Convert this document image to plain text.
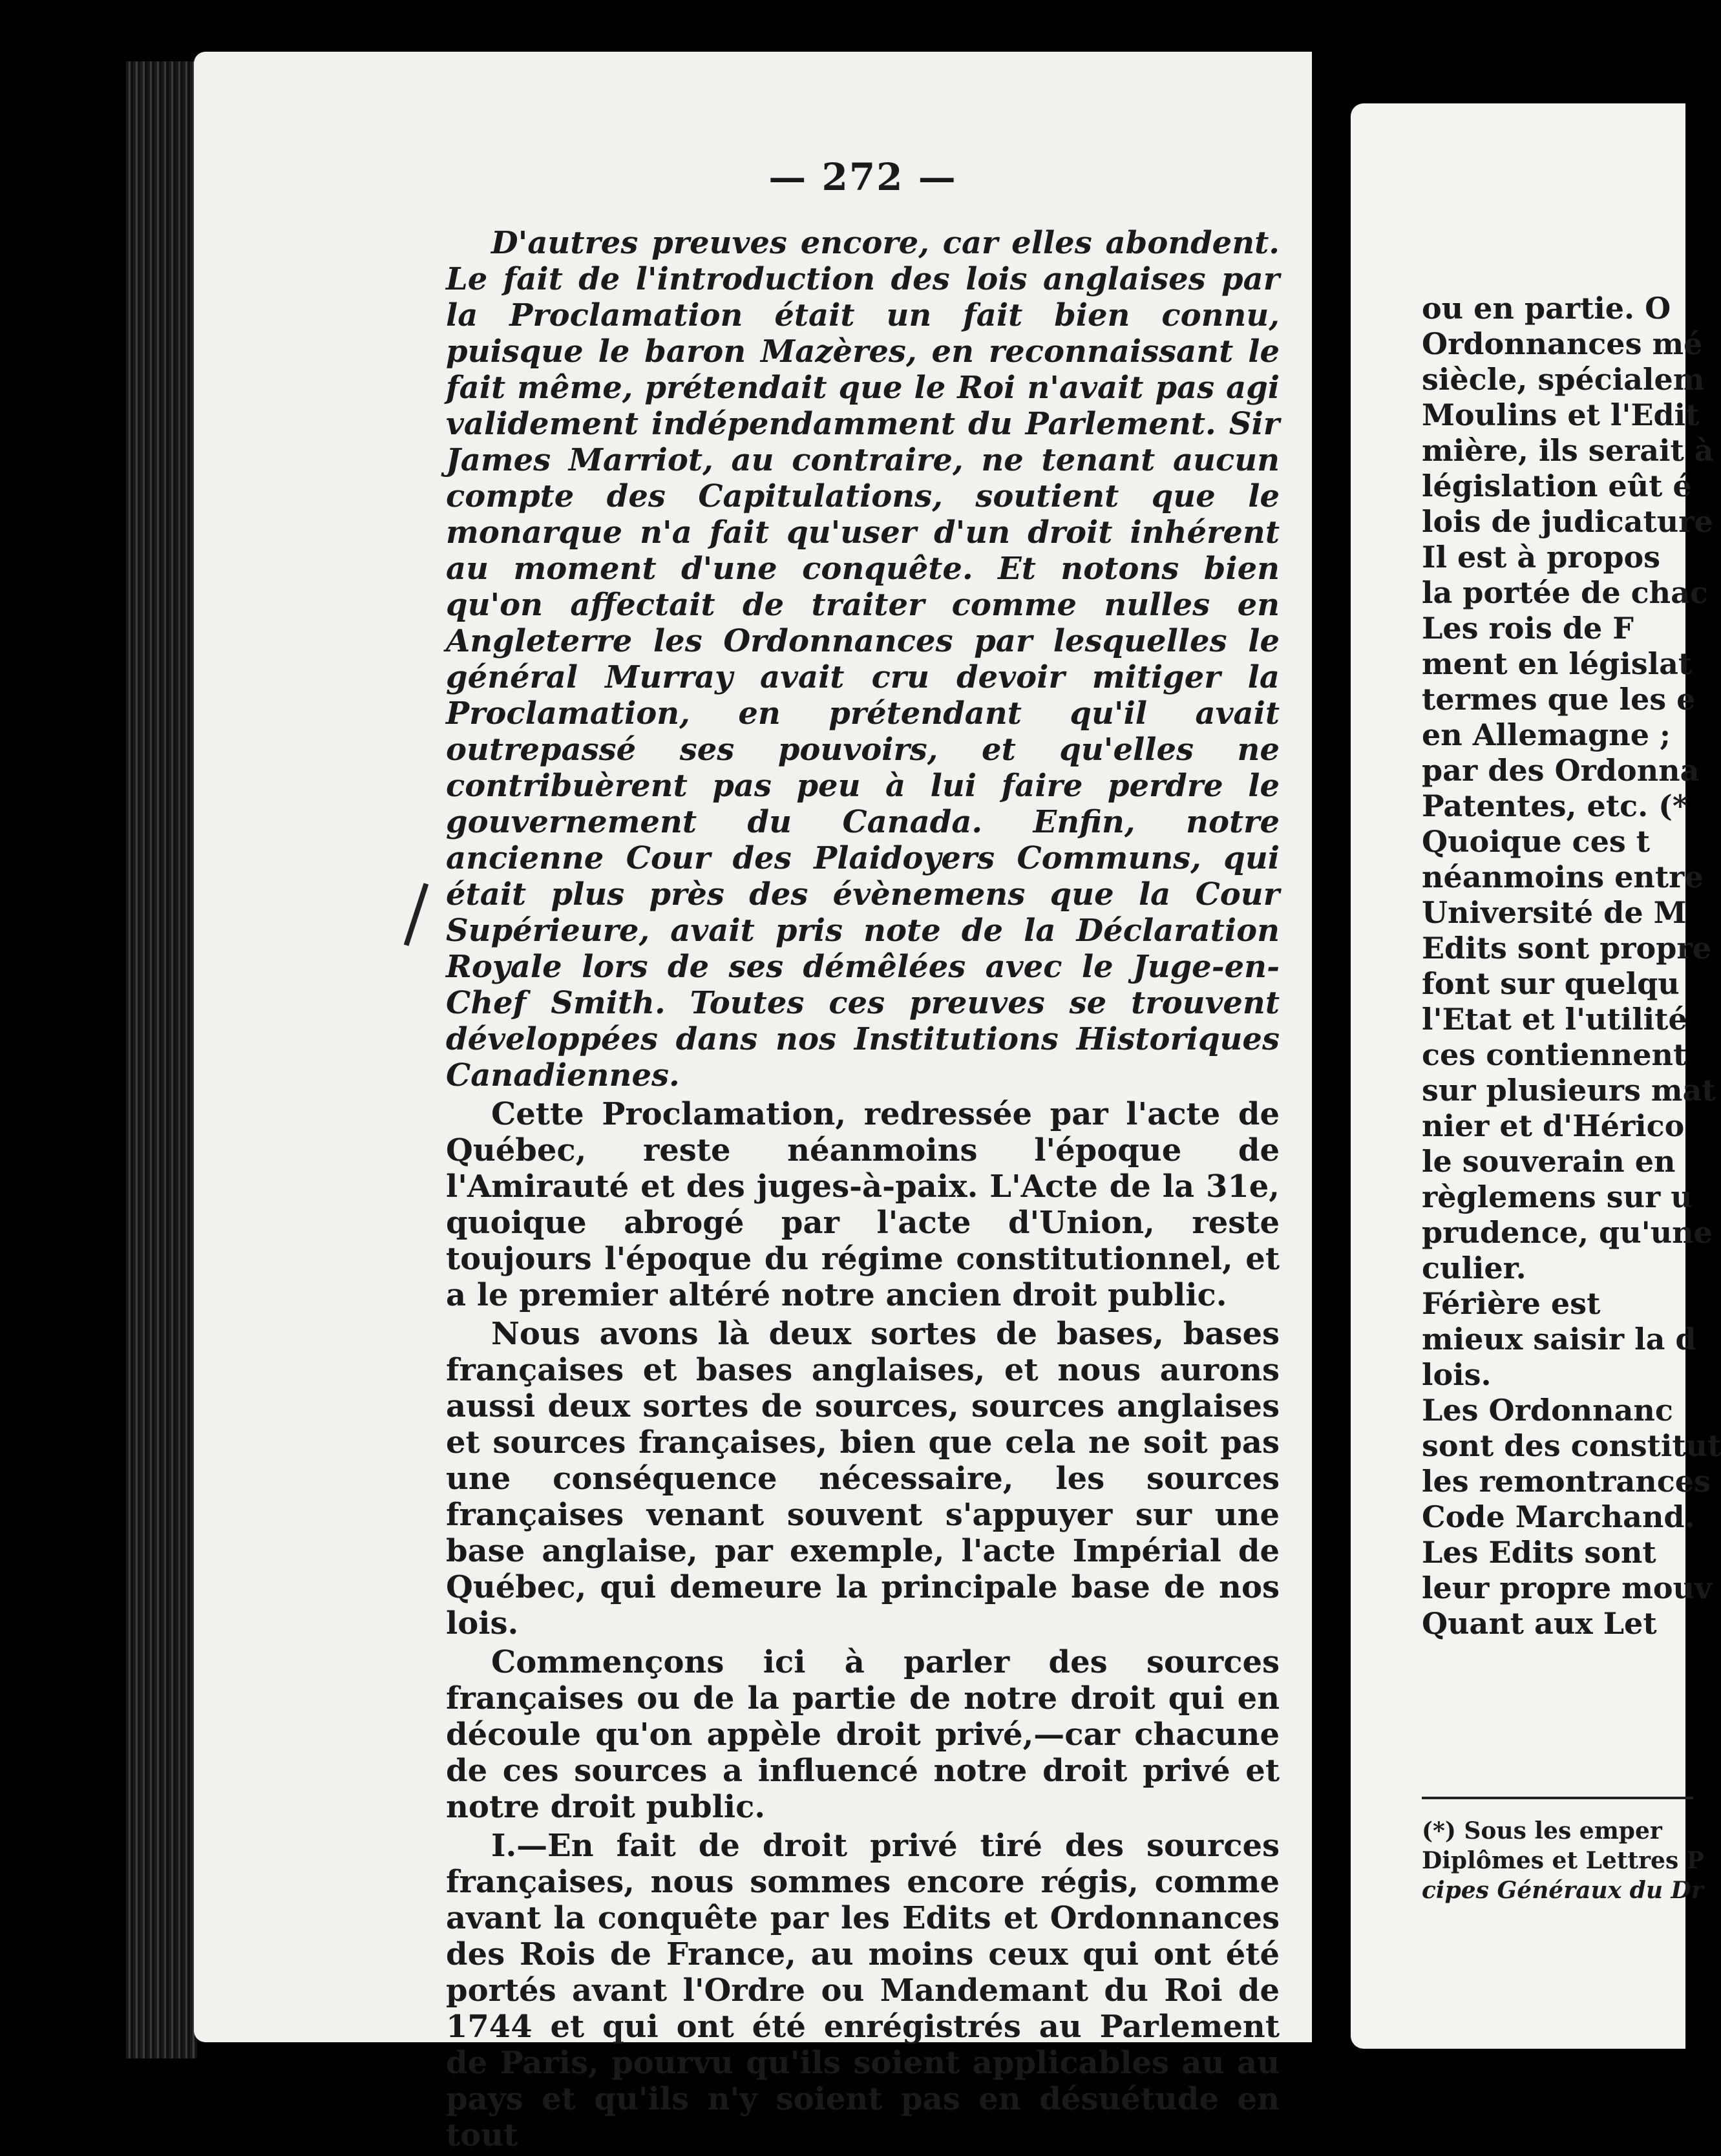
ou en partie. O
Ordonnances mé
siècle, spécialem
Moulins et l'Edit
mière, ils serait à
législation eût é
lois de judicature
Il est à propos
la portée de chac
Les rois de F
ment en législat
termes que les e
en Allemagne ;
par des Ordonna
Patentes, etc. (*
Quoique ces t
néanmoins entre
Université de M
Edits sont propre
font sur quelqu
l'Etat et l'utilité
ces contiennent
sur plusieurs mat
nier et d'Hérico
le souverain en
règlemens sur u
prudence, qu'une
culier.
Férière est
mieux saisir la d
lois.
Les Ordonnanc
sont des constitut
les remontrances
Code Marchand.
Les Edits sont
leur propre mouv
Quant aux Let
(*) Sous les emper
Diplômes et Lettres P
cipes Généraux du Dr
— 272 —

D'autres preuves encore, car elles abondent. Le fait de l'introduction des lois anglaises par la Proclamation était un fait bien connu, puisque le baron Mazères, en reconnaissant le fait même, prétendait que le Roi n'avait pas agi validement indépendamment du Parlement. Sir James Marriot, au contraire, ne tenant aucun compte des Capitulations, soutient que le monarque n'a fait qu'user d'un droit inhérent au moment d'une conquête. Et notons bien qu'on affectait de traiter comme nulles en Angleterre les Ordonnances par lesquelles le général Murray avait cru devoir mitiger la Proclamation, en prétendant qu'il avait outrepassé ses pouvoirs, et qu'elles ne contribuèrent pas peu à lui faire perdre le gouvernement du Canada. Enfin, notre ancienne Cour des Plaidoyers Communs, qui était plus près des évènemens que la Cour Supérieure, avait pris note de la Déclaration Royale lors de ses démêlées avec le Juge-en-Chef Smith. Toutes ces preuves se trouvent développées dans nos Institutions Historiques Canadiennes.

Cette Proclamation, redressée par l'acte de Québec, reste néanmoins l'époque de l'Amirauté et des juges-à-paix. L'Acte de la 31e, quoique abrogé par l'acte d'Union, reste toujours l'époque du régime constitutionnel, et a le premier altéré notre ancien droit public.

Nous avons là deux sortes de bases, bases françaises et bases anglaises, et nous aurons aussi deux sortes de sources, sources anglaises et sources françaises, bien que cela ne soit pas une conséquence nécessaire, les sources françaises venant souvent s'appuyer sur une base anglaise, par exemple, l'acte Impérial de Québec, qui demeure la principale base de nos lois.

Commençons ici à parler des sources françaises ou de la partie de notre droit qui en découle qu'on appèle droit privé,—car chacune de ces sources a influencé notre droit privé et notre droit public.

I.—En fait de droit privé tiré des sources françaises, nous sommes encore régis, comme avant la conquête par les Edits et Ordonnances des Rois de France, au moins ceux qui ont été portés avant l'Ordre ou Mandemant du Roi de 1744 et qui ont été enrégistrés au Parlement de Paris, pourvu qu'ils soient applicables au au pays et qu'ils n'y soient pas en désuétude en tout
